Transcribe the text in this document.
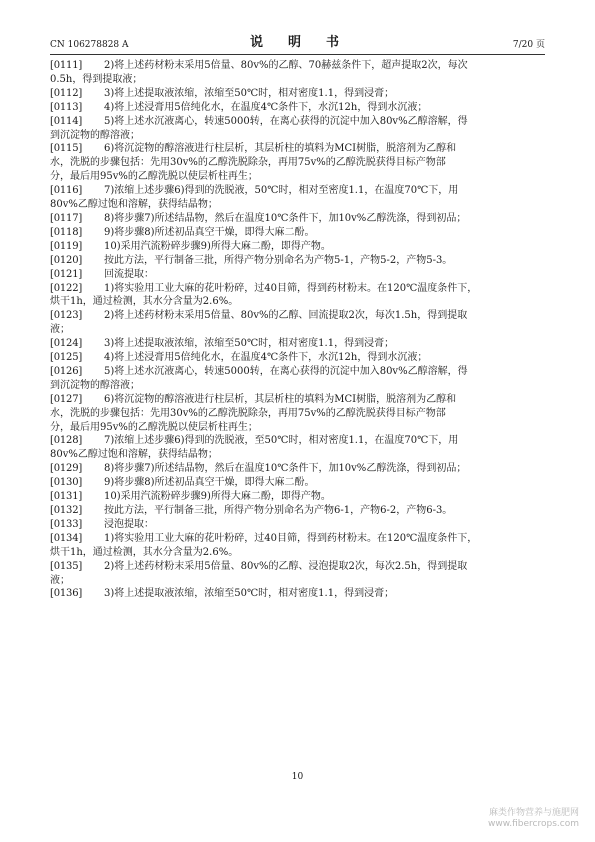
CN 106278828 A	说　明　书	7/20 页
[0111]	2)将上述药材粉末采用5倍量、80v%的乙醇、70赫兹条件下，超声提取2次，每次
0.5h，得到提取液；
[0112]	3)将上述提取液浓缩，浓缩至50℃时，相对密度1.1，得到浸膏；
[0113]	4)将上述浸膏用5倍纯化水，在温度4℃条件下，水沉12h，得到水沉液；
[0114]	5)将上述水沉液离心，转速5000转，在离心获得的沉淀中加入80v%乙醇溶解，得
到沉淀物的醇溶液；
[0115]	6)将沉淀物的醇溶液进行柱层析，其层析柱的填料为MCI树脂，脱溶剂为乙醇和
水，洗脱的步骤包括：先用30v%的乙醇洗脱除杂，再用75v%的乙醇洗脱获得目标产物部
分，最后用95v%的乙醇洗脱以使层析柱再生；
[0116]	7)浓缩上述步骤6)得到的洗脱液，50℃时，相对至密度1.1，在温度70℃下，用
80v%乙醇过饱和溶解，获得结晶物；
[0117]	8)将步骤7)所述结晶物，然后在温度10℃条件下，加10v%乙醇洗涤，得到初品；
[0118]	9)将步骤8)所述初品真空干燥，即得大麻二酚。
[0119]	10)采用汽流粉碎步骤9)所得大麻二酚，即得产物。
[0120]	按此方法，平行制备三批，所得产物分别命名为产物5-1，产物5-2，产物5-3。
[0121]	回流提取：
[0122]	1)将实验用工业大麻的花叶粉碎，过40目筛，得到药材粉末。在120℃温度条件下，
烘干1h，通过检测，其水分含量为2.6%。
[0123]	2)将上述药材粉末采用5倍量、80v%的乙醇、回流提取2次，每次1.5h，得到提取
液；
[0124]	3)将上述提取液浓缩，浓缩至50℃时，相对密度1.1，得到浸膏；
[0125]	4)将上述浸膏用5倍纯化水，在温度4℃条件下，水沉12h，得到水沉液；
[0126]	5)将上述水沉液离心，转速5000转，在离心获得的沉淀中加入80v%乙醇溶解，得
到沉淀物的醇溶液；
[0127]	6)将沉淀物的醇溶液进行柱层析，其层析柱的填料为MCI树脂，脱溶剂为乙醇和
水，洗脱的步骤包括：先用30v%的乙醇洗脱除杂，再用75v%的乙醇洗脱获得目标产物部
分，最后用95v%的乙醇洗脱以使层析柱再生；
[0128]	7)浓缩上述步骤6)得到的洗脱液，至50℃时，相对密度1.1，在温度70℃下，用
80v%乙醇过饱和溶解，获得结晶物；
[0129]	8)将步骤7)所述结晶物，然后在温度10℃条件下，加10v%乙醇洗涤，得到初品；
[0130]	9)将步骤8)所述初品真空干燥，即得大麻二酚。
[0131]	10)采用汽流粉碎步骤9)所得大麻二酚，即得产物。
[0132]	按此方法，平行制备三批，所得产物分别命名为产物6-1，产物6-2，产物6-3。
[0133]	浸泡提取：
[0134]	1)将实验用工业大麻的花叶粉碎，过40目筛，得到药材粉末。在120℃温度条件下，
烘干1h，通过检测，其水分含量为2.6%。
[0135]	2)将上述药材粉末采用5倍量、80v%的乙醇、浸泡提取2次，每次2.5h，得到提取
液；
[0136]	3)将上述提取液浓缩，浓缩至50℃时，相对密度1.1，得到浸膏；
10
麻类作物营养与施肥网
www.fibercrops.com
